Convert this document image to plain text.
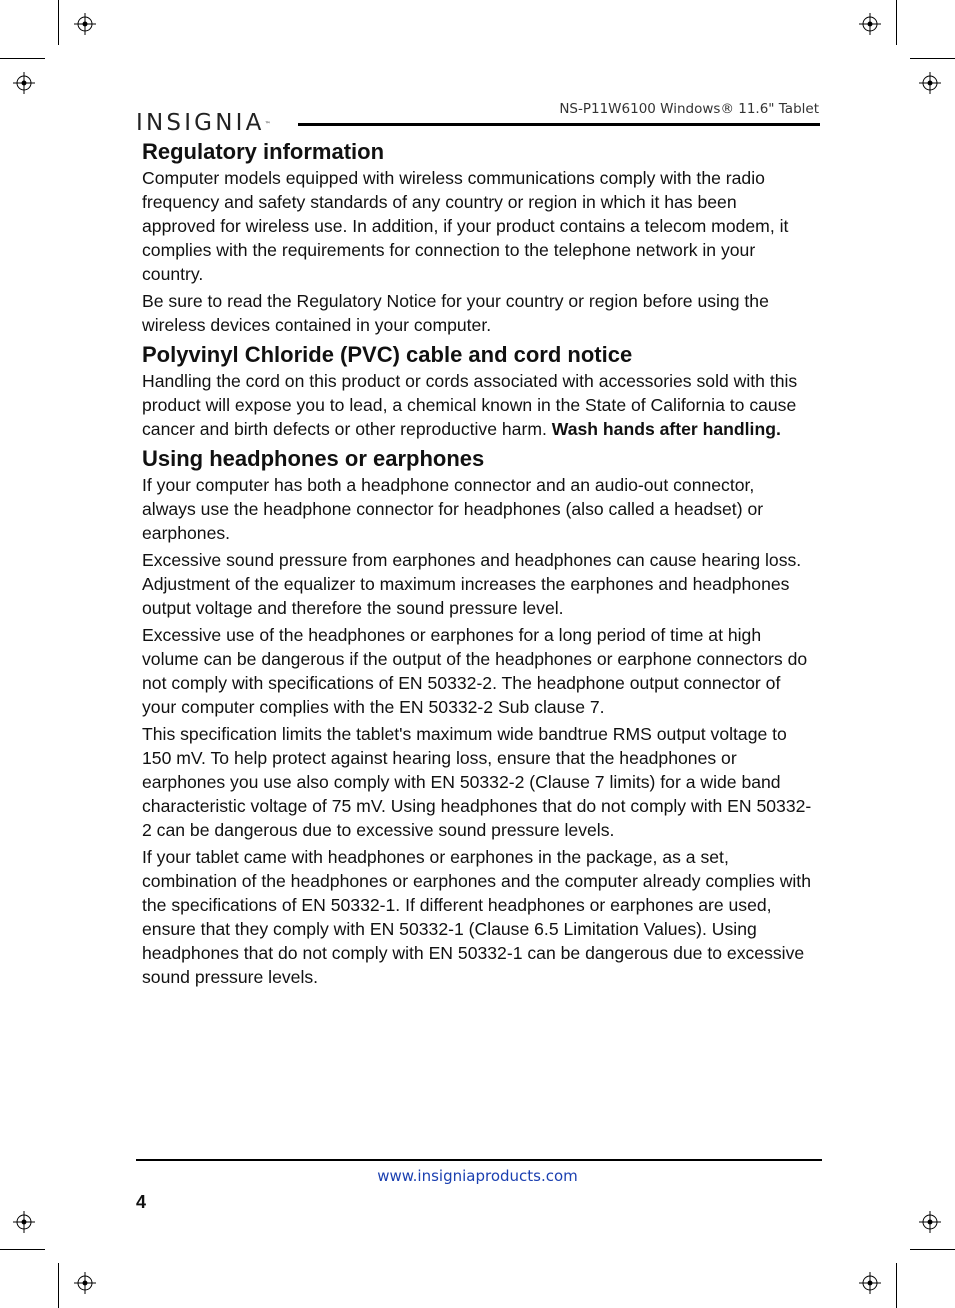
INSIGNIA™
NS-P11W6100 Windows® 11.6" Tablet
Regulatory information

Computer models equipped with wireless communications comply with the radio frequency and safety standards of any country or region in which it has been approved for wireless use. In addition, if your product contains a telecom modem, it complies with the requirements for connection to the telephone network in your country.

Be sure to read the Regulatory Notice for your country or region before using the wireless devices contained in your computer.

Polyvinyl Chloride (PVC) cable and cord notice

Handling the cord on this product or cords associated with accessories sold with this product will expose you to lead, a chemical known in the State of California to cause cancer and birth defects or other reproductive harm. Wash hands after handling.

Using headphones or earphones

If your computer has both a headphone connector and an audio-out connector, always use the headphone connector for headphones (also called a headset) or earphones.

Excessive sound pressure from earphones and headphones can cause hearing loss. Adjustment of the equalizer to maximum increases the earphones and headphones output voltage and therefore the sound pressure level.

Excessive use of the headphones or earphones for a long period of time at high volume can be dangerous if the output of the headphones or earphone connectors do not comply with specifications of EN 50332-2. The headphone output connector of your computer complies with the EN 50332-2 Sub clause 7.

This specification limits the tablet's maximum wide bandtrue RMS output voltage to 150 mV. To help protect against hearing loss, ensure that the headphones or earphones you use also comply with EN 50332-2 (Clause 7 limits) for a wide band characteristic voltage of 75 mV. Using headphones that do not comply with EN 50332-2 can be dangerous due to excessive sound pressure levels.

If your tablet came with headphones or earphones in the package, as a set, combination of the headphones or earphones and the computer already complies with the specifications of EN 50332-1. If different headphones or earphones are used, ensure that they comply with EN 50332-1 (Clause 6.5 Limitation Values). Using headphones that do not comply with EN 50332-1 can be dangerous due to excessive sound pressure levels.

www.insigniaproducts.com
4
